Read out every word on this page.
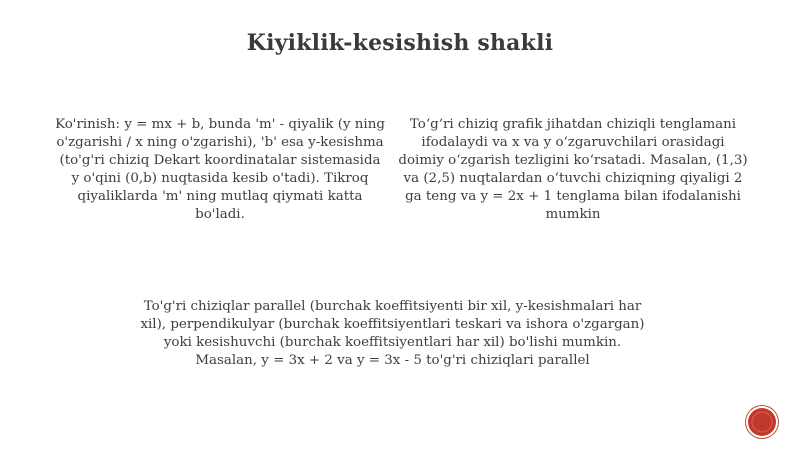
Kiyiklik-kesishish shakli
Ko'rinish: y = mx + b, bunda 'm' - qiyalik (y ning o'zgarishi / x ning o'zgarishi), 'b' esa y-kesishma (to'g'ri chiziq Dekart koordinatalar sistemasida y o'qini (0,b) nuqtasida kesib o'tadi). Tikroq qiyaliklarda 'm' ning mutlaq qiymati katta bo'ladi.
To‘g‘ri chiziq grafik jihatdan chiziqli tenglamani ifodalaydi va x va y o‘zgaruvchilari orasidagi doimiy o‘zgarish tezligini ko‘rsatadi. Masalan, (1,3) va (2,5) nuqtalardan o‘tuvchi chiziqning qiyaligi 2 ga teng va y = 2x + 1 tenglama bilan ifodalanishi mumkin
To'g'ri chiziqlar parallel (burchak koeffitsiyenti bir xil, y-kesishmalari har xil), perpendikulyar (burchak koeffitsiyentlari teskari va ishora o'zgargan) yoki kesishuvchi (burchak koeffitsiyentlari har xil) bo'lishi mumkin. Masalan, y = 3x + 2 va y = 3x - 5 to'g'ri chiziqlari parallel
